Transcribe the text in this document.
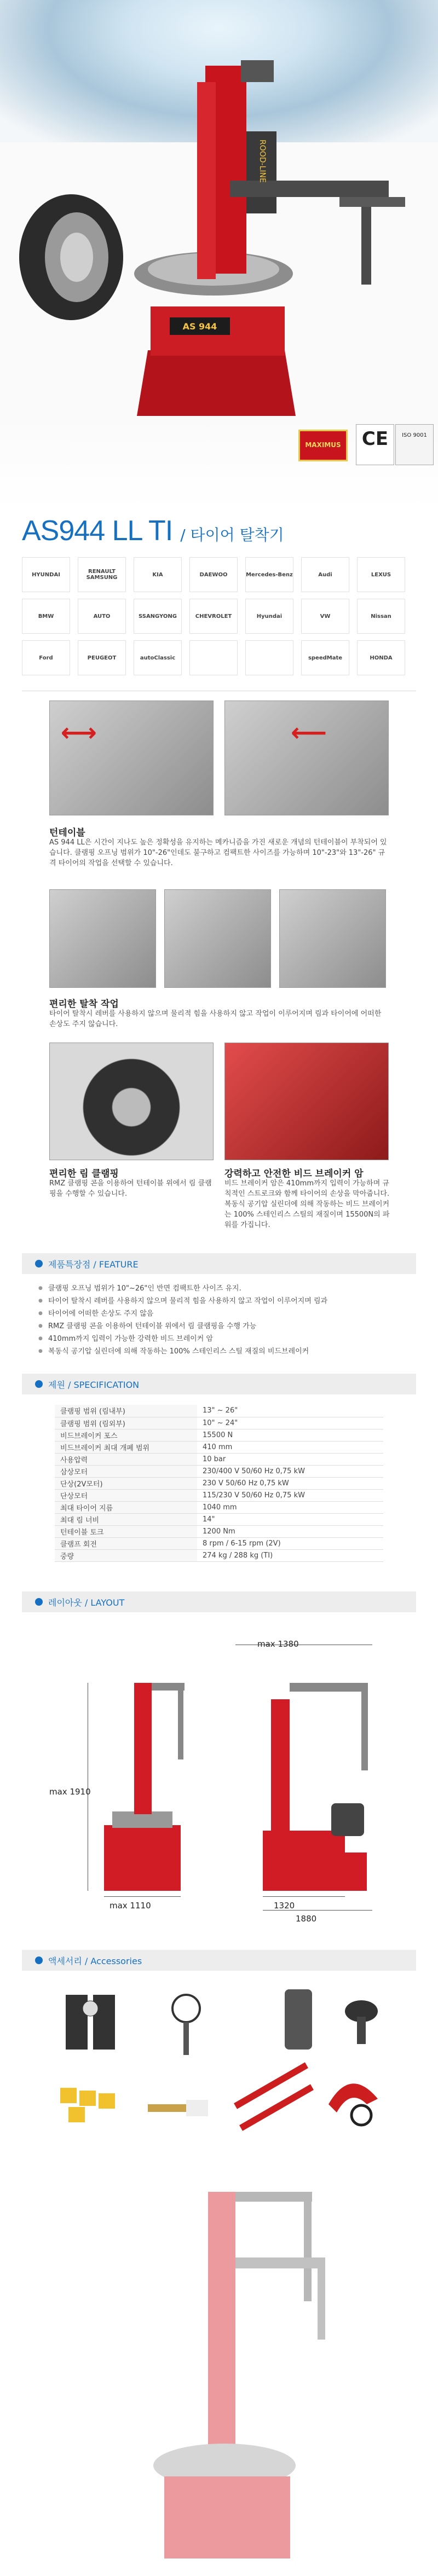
AS 944
ROOD-LINE
MAXIMUS	CE	ISO 9001
AS944 LL TI / 타이어 탈착기
HYUNDAI	RENAULT SAMSUNG	KIA	DAEWOO	Mercedes-Benz	Audi	LEXUS
BMW	AUTO	SSANGYONG	CHEVROLET	Hyundai	VW	Nissan
Ford	PEUGEOT	autoClassic	speedMate	HONDA
⟷	⟵
턴테이블
AS 944 LL은 시간이 지나도 높은 정확성을 유지하는 메카니즘을 가진 새로운 개념의 턴테이블이 부착되어 있습니다. 클램핑 오프닝 범위가 10"-26"인데도 불구하고 컴팩트한 사이즈를 가능하며 10"-23"와 13"-26" 규격 타이어의 작업을 선택할 수 있습니다.
편리한 탈착 작업
타이어 탈착시 레버를 사용하지 않으며 물리적 힘을 사용하지 않고 작업이 이루어지며 림과 타이어에 어떠한 손상도 주지 않습니다.
편리한 림 클램핑
RMZ 클램핑 콘을 이용하여 턴테이블 위에서 림 클램핑을 수행할 수 있습니다.
강력하고 안전한 비드 브레이커 암
비드 브레이커 암은 410mm까지 입력이 가능하며 규칙적인 스트로크와 함께 타이어의 손상을 막아줍니다. 복동식 공기압 실린더에 의해 작동하는 비드 브레이커는 100% 스테인리스 스틸의 재질이며 15500N의 파워를 가집니다.
제품특장점 / FEATURE
● 클램핑 오프닝 범위가 10"~26"인 반면 컴팩트한 사이즈 유지.
● 타이어 탈착시 레버를 사용하지 않으며 물리적 힘을 사용하지 않고 작업이 이루어지며 림과
● 타이어에 어떠한 손상도 주지 않음
● RMZ 클램핑 콘을 이용하여 턴테이블 위에서 림 클램핑을 수행 가능
● 410mm까지 입력이 가능한 강력한 비드 브레이커 암
● 복동식 공기압 실린더에 의해 작동하는 100% 스테인리스 스틸 재질의 비드브레이커
제원 / SPECIFICATION
클램핑 범위 (림내부)	13" ~ 26"
클램핑 범위 (림외부)	10" ~ 24"
비드브레이커 포스	15500 N
비드브레이커 최대 개폐 범위	410 mm
사용압력	10 bar
삼상모터	230/400 V 50/60 Hz 0,75 kW
단상(2V모터)	230 V 50/60 Hz 0,75 kW
단상모터	115/230 V 50/60 Hz 0,75 kW
최대 타이어 지름	1040 mm
최대 림 너비	14"
턴테이블 토크	1200 Nm
클램프 회전	8 rpm / 6-15 rpm (2V)
중량	274 kg / 288 kg (TI)
레이아웃 / LAYOUT
max 1380
max 1910
max 1110	1320
1880
액세서리 / Accessories
